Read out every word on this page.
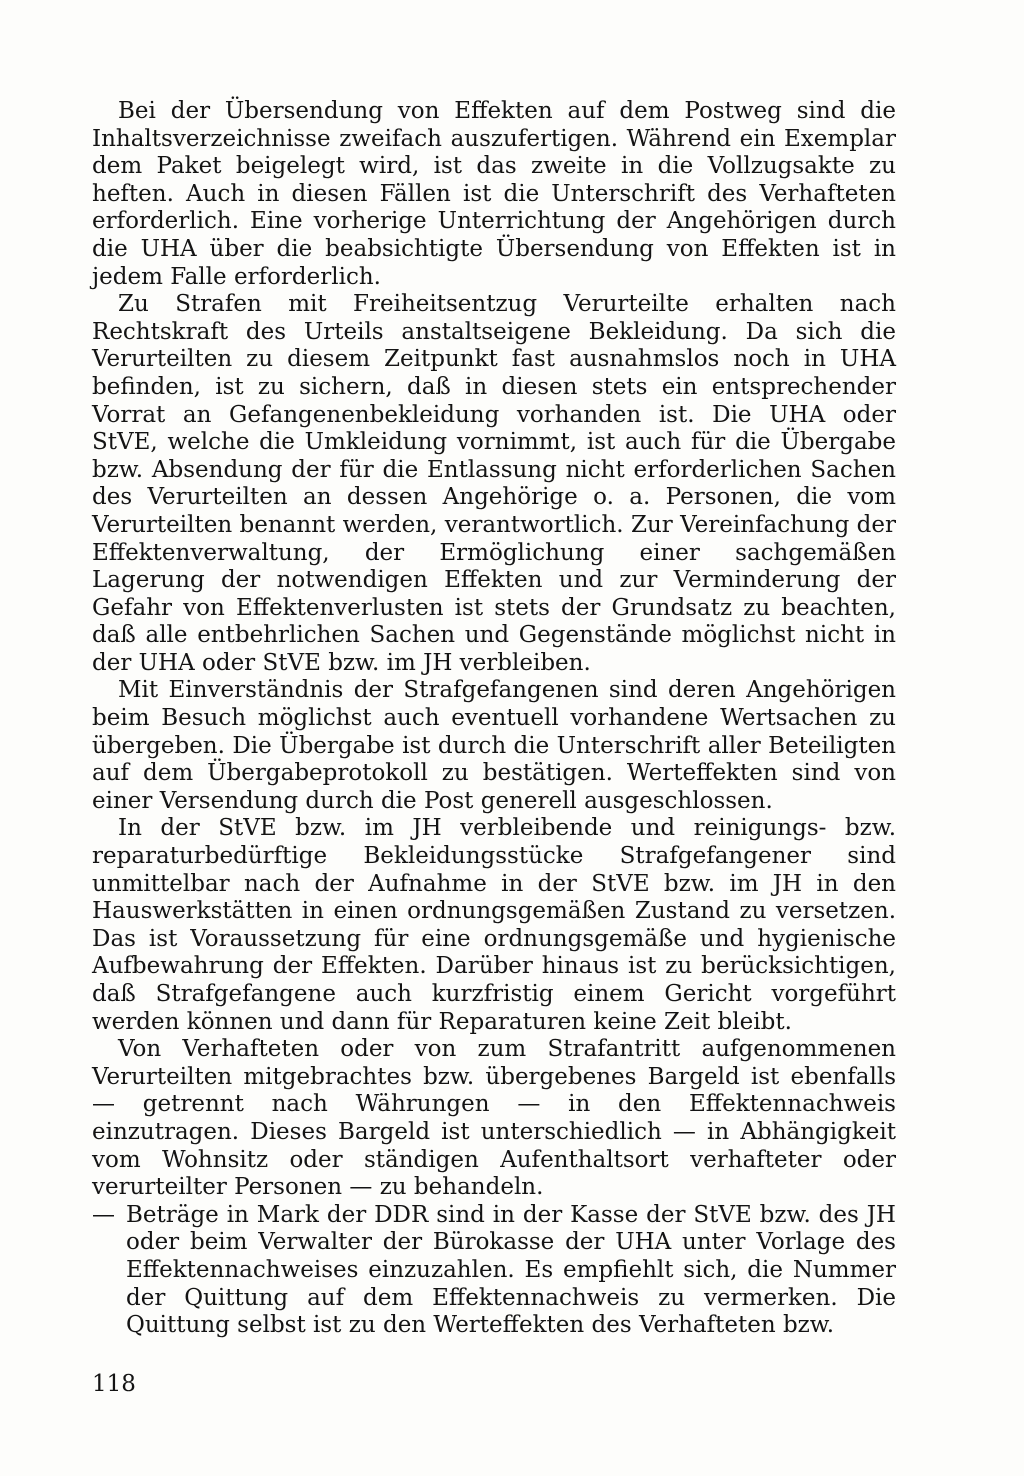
Bei der Übersendung von Effekten auf dem Postweg sind die Inhaltsverzeichnisse zweifach auszufertigen. Während ein Exemplar dem Paket beigelegt wird, ist das zweite in die Vollzugsakte zu heften. Auch in diesen Fällen ist die Unterschrift des Verhafteten erforderlich. Eine vorherige Unterrichtung der Angehörigen durch die UHA über die beabsichtigte Übersendung von Effekten ist in jedem Falle erforderlich.

Zu Strafen mit Freiheitsentzug Verurteilte erhalten nach Rechtskraft des Urteils anstaltseigene Bekleidung. Da sich die Verurteilten zu diesem Zeitpunkt fast ausnahmslos noch in UHA befinden, ist zu sichern, daß in diesen stets ein entsprechender Vorrat an Gefangenenbekleidung vorhanden ist. Die UHA oder StVE, welche die Umkleidung vornimmt, ist auch für die Übergabe bzw. Absendung der für die Entlassung nicht erforderlichen Sachen des Verurteilten an dessen Angehörige o. a. Personen, die vom Verurteilten benannt werden, verantwortlich. Zur Vereinfachung der Effektenverwaltung, der Ermöglichung einer sachgemäßen Lagerung der notwendigen Effekten und zur Verminderung der Gefahr von Effektenverlusten ist stets der Grundsatz zu beachten, daß alle entbehrlichen Sachen und Gegenstände möglichst nicht in der UHA oder StVE bzw. im JH verbleiben.

Mit Einverständnis der Strafgefangenen sind deren Angehörigen beim Besuch möglichst auch eventuell vorhandene Wertsachen zu übergeben. Die Übergabe ist durch die Unterschrift aller Beteiligten auf dem Übergabeprotokoll zu bestätigen. Werteffekten sind von einer Versendung durch die Post generell ausgeschlossen.

In der StVE bzw. im JH verbleibende und reinigungs- bzw. reparaturbedürftige Bekleidungsstücke Strafgefangener sind unmittelbar nach der Aufnahme in der StVE bzw. im JH in den Hauswerkstätten in einen ordnungsgemäßen Zustand zu versetzen. Das ist Voraussetzung für eine ordnungsgemäße und hygienische Aufbewahrung der Effekten. Darüber hinaus ist zu berücksichtigen, daß Strafgefangene auch kurzfristig einem Gericht vorgeführt werden können und dann für Reparaturen keine Zeit bleibt.

Von Verhafteten oder von zum Strafantritt aufgenommenen Verurteilten mitgebrachtes bzw. übergebenes Bargeld ist ebenfalls — getrennt nach Währungen — in den Effektennachweis einzutragen. Dieses Bargeld ist unterschiedlich — in Abhängigkeit vom Wohnsitz oder ständigen Aufenthaltsort verhafteter oder verurteilter Personen — zu behandeln.

— Beträge in Mark der DDR sind in der Kasse der StVE bzw. des JH oder beim Verwalter der Bürokasse der UHA unter Vorlage des Effektennachweises einzuzahlen. Es empfiehlt sich, die Nummer der Quittung auf dem Effektennachweis zu vermerken. Die Quittung selbst ist zu den Werteffekten des Verhafteten bzw.

118
